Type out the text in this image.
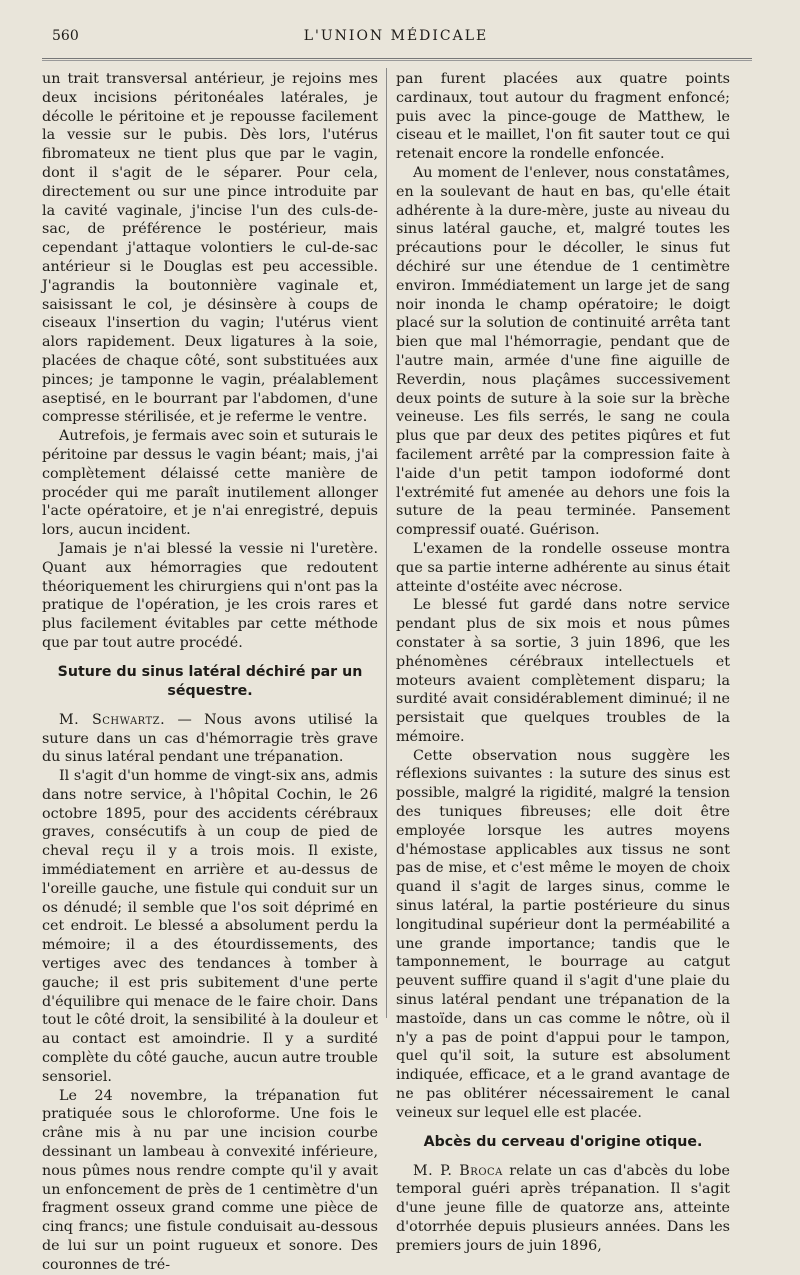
560	L'UNION MÉDICALE

un trait transversal antérieur, je rejoins mes deux incisions péritonéales latérales, je décolle le péritoine et je repousse facilement la vessie sur le pubis. Dès lors, l'utérus fibromateux ne tient plus que par le vagin, dont il s'agit de le séparer. Pour cela, directement ou sur une pince introduite par la cavité vaginale, j'incise l'un des culs-de-sac, de préférence le postérieur, mais cependant j'attaque volontiers le cul-de-sac antérieur si le Douglas est peu accessible. J'agrandis la boutonnière vaginale et, saisissant le col, je désinsère à coups de ciseaux l'insertion du vagin; l'utérus vient alors rapidement. Deux ligatures à la soie, placées de chaque côté, sont substituées aux pinces; je tamponne le vagin, préalablement aseptisé, en le bourrant par l'abdomen, d'une compresse stérilisée, et je referme le ventre.

Autrefois, je fermais avec soin et suturais le péritoine par dessus le vagin béant; mais, j'ai complètement délaissé cette manière de procéder qui me paraît inutilement allonger l'acte opératoire, et je n'ai enregistré, depuis lors, aucun incident.

Jamais je n'ai blessé la vessie ni l'uretère. Quant aux hémorragies que redoutent théoriquement les chirurgiens qui n'ont pas la pratique de l'opération, je les crois rares et plus facilement évitables par cette méthode que par tout autre procédé.

Suture du sinus latéral déchiré par un séquestre.

M. Schwartz. — Nous avons utilisé la suture dans un cas d'hémorragie très grave du sinus latéral pendant une trépanation.

Il s'agit d'un homme de vingt-six ans, admis dans notre service, à l'hôpital Cochin, le 26 octobre 1895, pour des accidents cérébraux graves, consécutifs à un coup de pied de cheval reçu il y a trois mois. Il existe, immédiatement en arrière et au-dessus de l'oreille gauche, une fistule qui conduit sur un os dénudé; il semble que l'os soit déprimé en cet endroit. Le blessé a absolument perdu la mémoire; il a des étourdissements, des vertiges avec des tendances à tomber à gauche; il est pris subitement d'une perte d'équilibre qui menace de le faire choir. Dans tout le côté droit, la sensibilité à la douleur et au contact est amoindrie. Il y a surdité complète du côté gauche, aucun autre trouble sensoriel.

Le 24 novembre, la trépanation fut pratiquée sous le chloroforme. Une fois le crâne mis à nu par une incision courbe dessinant un lambeau à convexité inférieure, nous pûmes nous rendre compte qu'il y avait un enfoncement de près de 1 centimètre d'un fragment osseux grand comme une pièce de cinq francs; une fistule conduisait au-dessous de lui sur un point rugueux et sonore. Des couronnes de tré-

pan furent placées aux quatre points cardinaux, tout autour du fragment enfoncé; puis avec la pince-gouge de Matthew, le ciseau et le maillet, l'on fit sauter tout ce qui retenait encore la rondelle enfoncée.

Au moment de l'enlever, nous constatâmes, en la soulevant de haut en bas, qu'elle était adhérente à la dure-mère, juste au niveau du sinus latéral gauche, et, malgré toutes les précautions pour le décoller, le sinus fut déchiré sur une étendue de 1 centimètre environ. Immédiatement un large jet de sang noir inonda le champ opératoire; le doigt placé sur la solution de continuité arrêta tant bien que mal l'hémorragie, pendant que de l'autre main, armée d'une fine aiguille de Reverdin, nous plaçâmes successivement deux points de suture à la soie sur la brèche veineuse. Les fils serrés, le sang ne coula plus que par deux des petites piqûres et fut facilement arrêté par la compression faite à l'aide d'un petit tampon iodoformé dont l'extrémité fut amenée au dehors une fois la suture de la peau terminée. Pansement compressif ouaté. Guérison.

L'examen de la rondelle osseuse montra que sa partie interne adhérente au sinus était atteinte d'ostéite avec nécrose.

Le blessé fut gardé dans notre service pendant plus de six mois et nous pûmes constater à sa sortie, 3 juin 1896, que les phénomènes cérébraux intellectuels et moteurs avaient complètement disparu; la surdité avait considérablement diminué; il ne persistait que quelques troubles de la mémoire.

Cette observation nous suggère les réflexions suivantes : la suture des sinus est possible, malgré la rigidité, malgré la tension des tuniques fibreuses; elle doit être employée lorsque les autres moyens d'hémostase applicables aux tissus ne sont pas de mise, et c'est même le moyen de choix quand il s'agit de larges sinus, comme le sinus latéral, la partie postérieure du sinus longitudinal supérieur dont la perméabilité a une grande importance; tandis que le tamponnement, le bourrage au catgut peuvent suffire quand il s'agit d'une plaie du sinus latéral pendant une trépanation de la mastoïde, dans un cas comme le nôtre, où il n'y a pas de point d'appui pour le tampon, quel qu'il soit, la suture est absolument indiquée, efficace, et a le grand avantage de ne pas oblitérer nécessairement le canal veineux sur lequel elle est placée.

Abcès du cerveau d'origine otique.

M. P. Broca relate un cas d'abcès du lobe temporal guéri après trépanation. Il s'agit d'une jeune fille de quatorze ans, atteinte d'otorrhée depuis plusieurs années. Dans les premiers jours de juin 1896,
